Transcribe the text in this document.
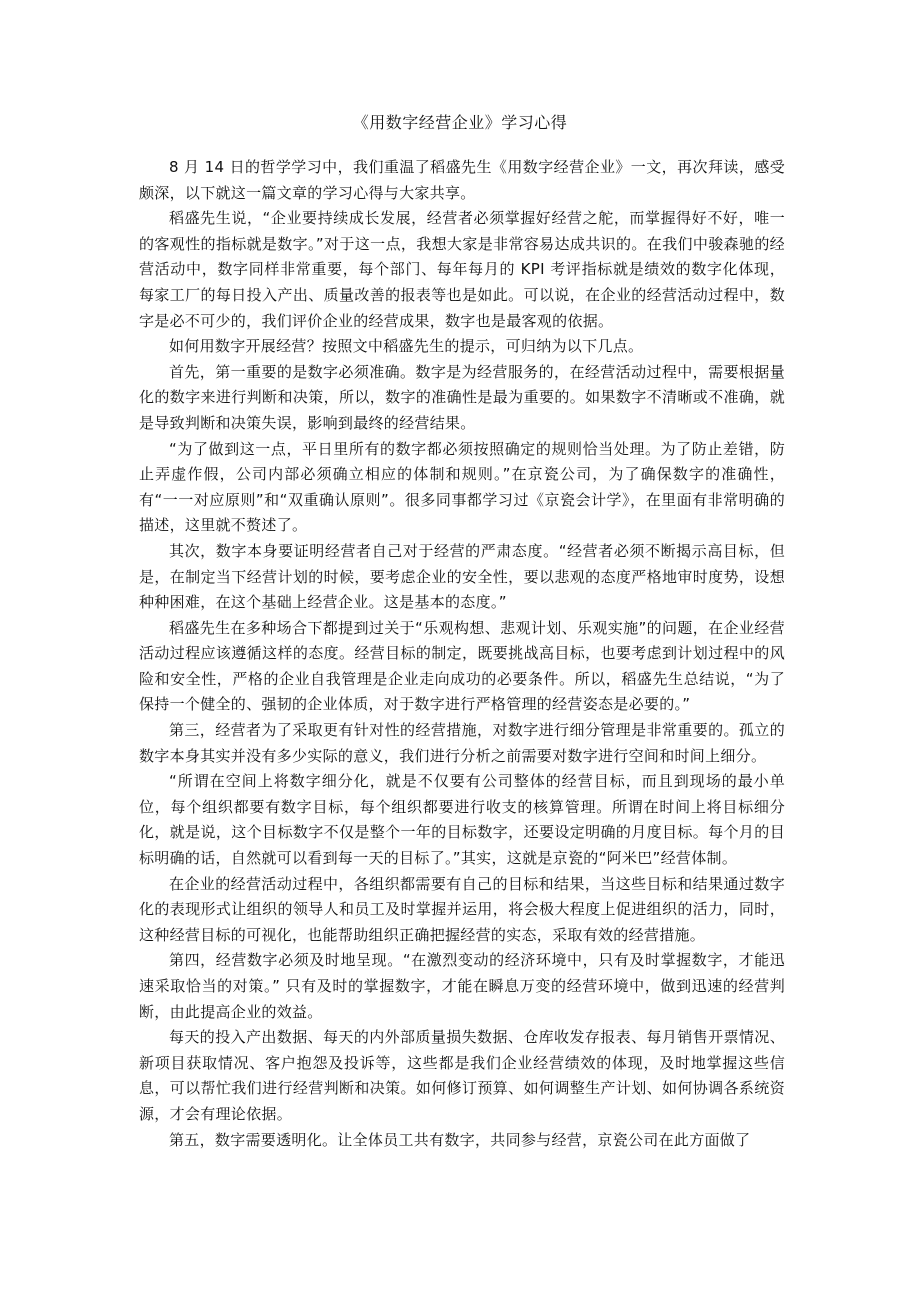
《用数字经营企业》学习心得

8 月 14 日的哲学学习中，我们重温了稻盛先生《用数字经营企业》一文，再次拜读，感受颇深，以下就这一篇文章的学习心得与大家共享。

稻盛先生说，“企业要持续成长发展，经营者必须掌握好经营之舵，而掌握得好不好，唯一的客观性的指标就是数字。”对于这一点，我想大家是非常容易达成共识的。在我们中骏森驰的经营活动中，数字同样非常重要，每个部门、每年每月的 KPI 考评指标就是绩效的数字化体现，每家工厂的每日投入产出、质量改善的报表等也是如此。可以说，在企业的经营活动过程中，数字是必不可少的，我们评价企业的经营成果，数字也是最客观的依据。

如何用数字开展经营？按照文中稻盛先生的提示，可归纳为以下几点。

首先，第一重要的是数字必须准确。数字是为经营服务的，在经营活动过程中，需要根据量化的数字来进行判断和决策，所以，数字的准确性是最为重要的。如果数字不清晰或不准确，就是导致判断和决策失误，影响到最终的经营结果。

“为了做到这一点，平日里所有的数字都必须按照确定的规则恰当处理。为了防止差错，防止弄虚作假，公司内部必须确立相应的体制和规则。”在京瓷公司，为了确保数字的准确性，有“一一对应原则”和“双重确认原则”。很多同事都学习过《京瓷会计学》，在里面有非常明确的描述，这里就不赘述了。

其次，数字本身要证明经营者自己对于经营的严肃态度。“经营者必须不断揭示高目标，但是，在制定当下经营计划的时候，要考虑企业的安全性，要以悲观的态度严格地审时度势，设想种种困难，在这个基础上经营企业。这是基本的态度。”

稻盛先生在多种场合下都提到过关于“乐观构想、悲观计划、乐观实施”的问题，在企业经营活动过程应该遵循这样的态度。经营目标的制定，既要挑战高目标，也要考虑到计划过程中的风险和安全性，严格的企业自我管理是企业走向成功的必要条件。所以，稻盛先生总结说，“为了保持一个健全的、强韧的企业体质，对于数字进行严格管理的经营姿态是必要的。”

第三，经营者为了采取更有针对性的经营措施，对数字进行细分管理是非常重要的。孤立的数字本身其实并没有多少实际的意义，我们进行分析之前需要对数字进行空间和时间上细分。

“所谓在空间上将数字细分化，就是不仅要有公司整体的经营目标，而且到现场的最小单位，每个组织都要有数字目标，每个组织都要进行收支的核算管理。所谓在时间上将目标细分化，就是说，这个目标数字不仅是整个一年的目标数字，还要设定明确的月度目标。每个月的目标明确的话，自然就可以看到每一天的目标了。”其实，这就是京瓷的“阿米巴”经营体制。

在企业的经营活动过程中，各组织都需要有自己的目标和结果，当这些目标和结果通过数字化的表现形式让组织的领导人和员工及时掌握并运用，将会极大程度上促进组织的活力，同时，这种经营目标的可视化，也能帮助组织正确把握经营的实态，采取有效的经营措施。

第四，经营数字必须及时地呈现。“在激烈变动的经济环境中，只有及时掌握数字，才能迅速采取恰当的对策。” 只有及时的掌握数字，才能在瞬息万变的经营环境中，做到迅速的经营判断，由此提高企业的效益。

每天的投入产出数据、每天的内外部质量损失数据、仓库收发存报表、每月销售开票情况、新项目获取情况、客户抱怨及投诉等，这些都是我们企业经营绩效的体现，及时地掌握这些信息，可以帮忙我们进行经营判断和决策。如何修订预算、如何调整生产计划、如何协调各系统资源，才会有理论依据。

第五，数字需要透明化。让全体员工共有数字，共同参与经营，京瓷公司在此方面做了
